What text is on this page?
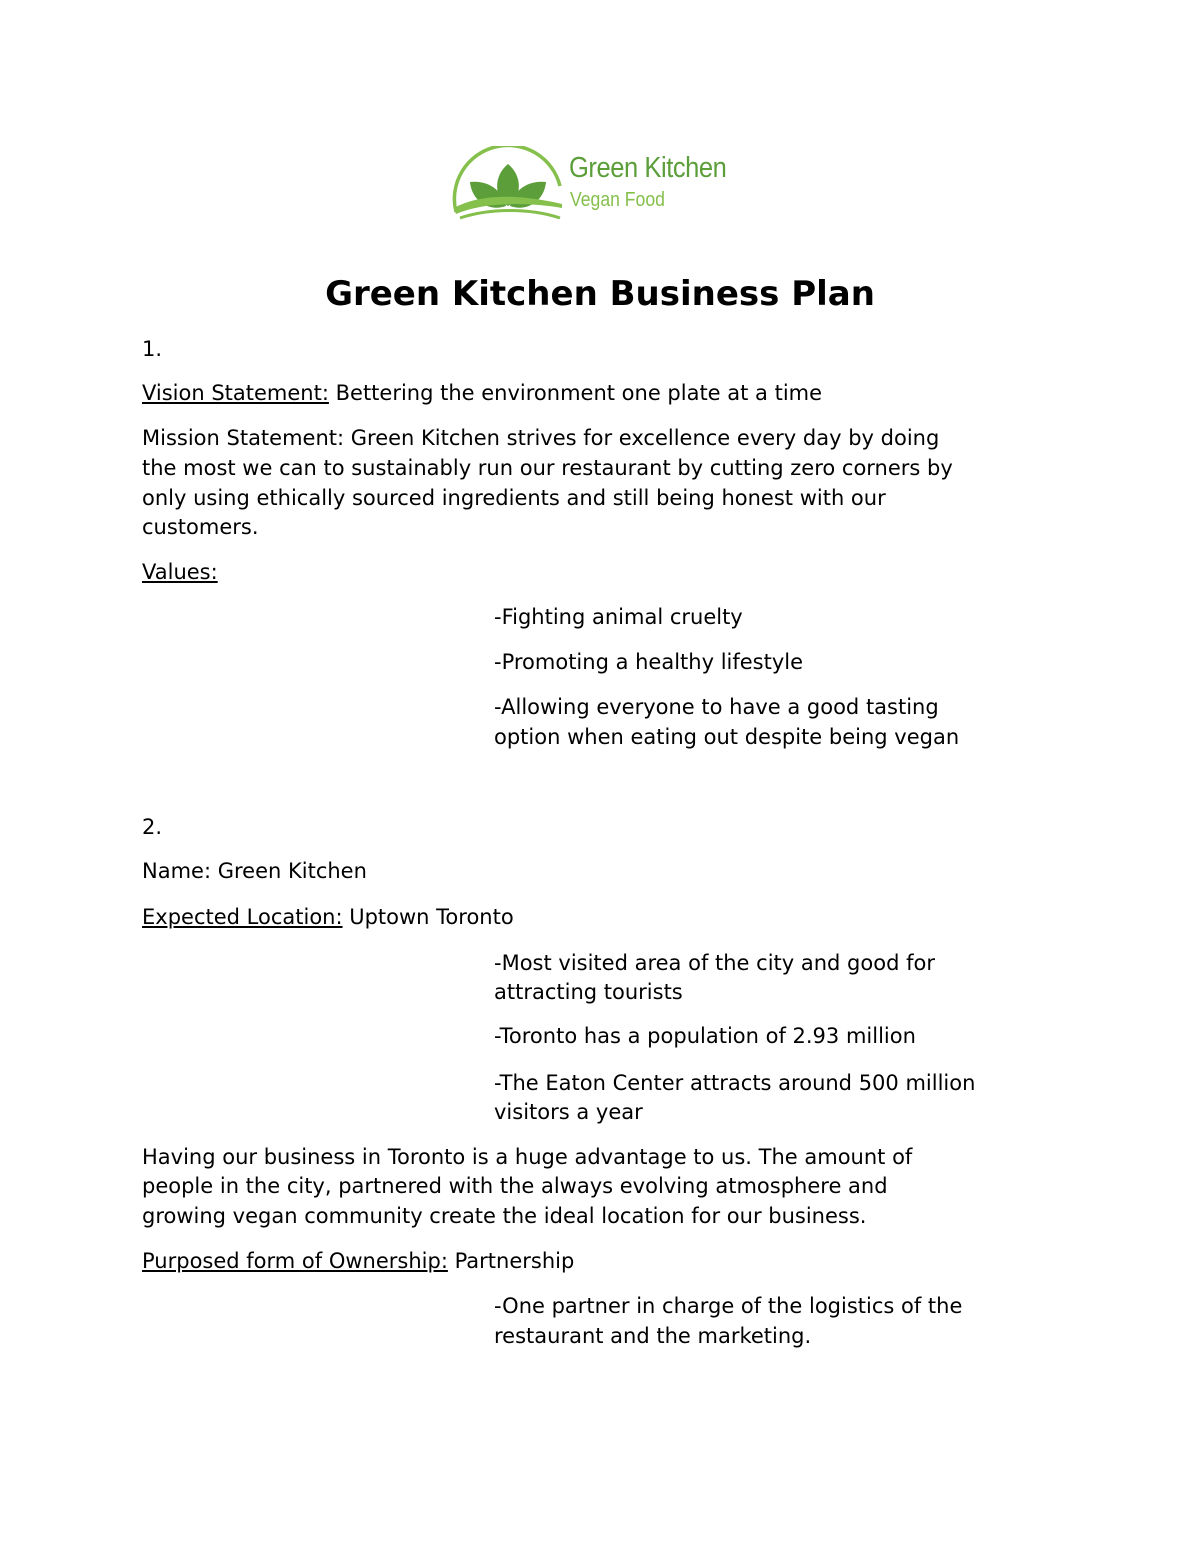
Green Kitchen
Vegan Food
Green Kitchen Business Plan
1.
Vision Statement: Bettering the environment one plate at a time
Mission Statement: Green Kitchen strives for excellence every day by doing
the most we can to sustainably run our restaurant by cutting zero corners by
only using ethically sourced ingredients and still being honest with our
customers.
Values:
-Fighting animal cruelty
-Promoting a healthy lifestyle
-Allowing everyone to have a good tasting
option when eating out despite being vegan
2.
Name: Green Kitchen
Expected Location: Uptown Toronto
-Most visited area of the city and good for
attracting tourists
-Toronto has a population of 2.93 million
-The Eaton Center attracts around 500 million
visitors a year
Having our business in Toronto is a huge advantage to us. The amount of
people in the city, partnered with the always evolving atmosphere and
growing vegan community create the ideal location for our business.
Purposed form of Ownership: Partnership
-One partner in charge of the logistics of the
restaurant and the marketing.
